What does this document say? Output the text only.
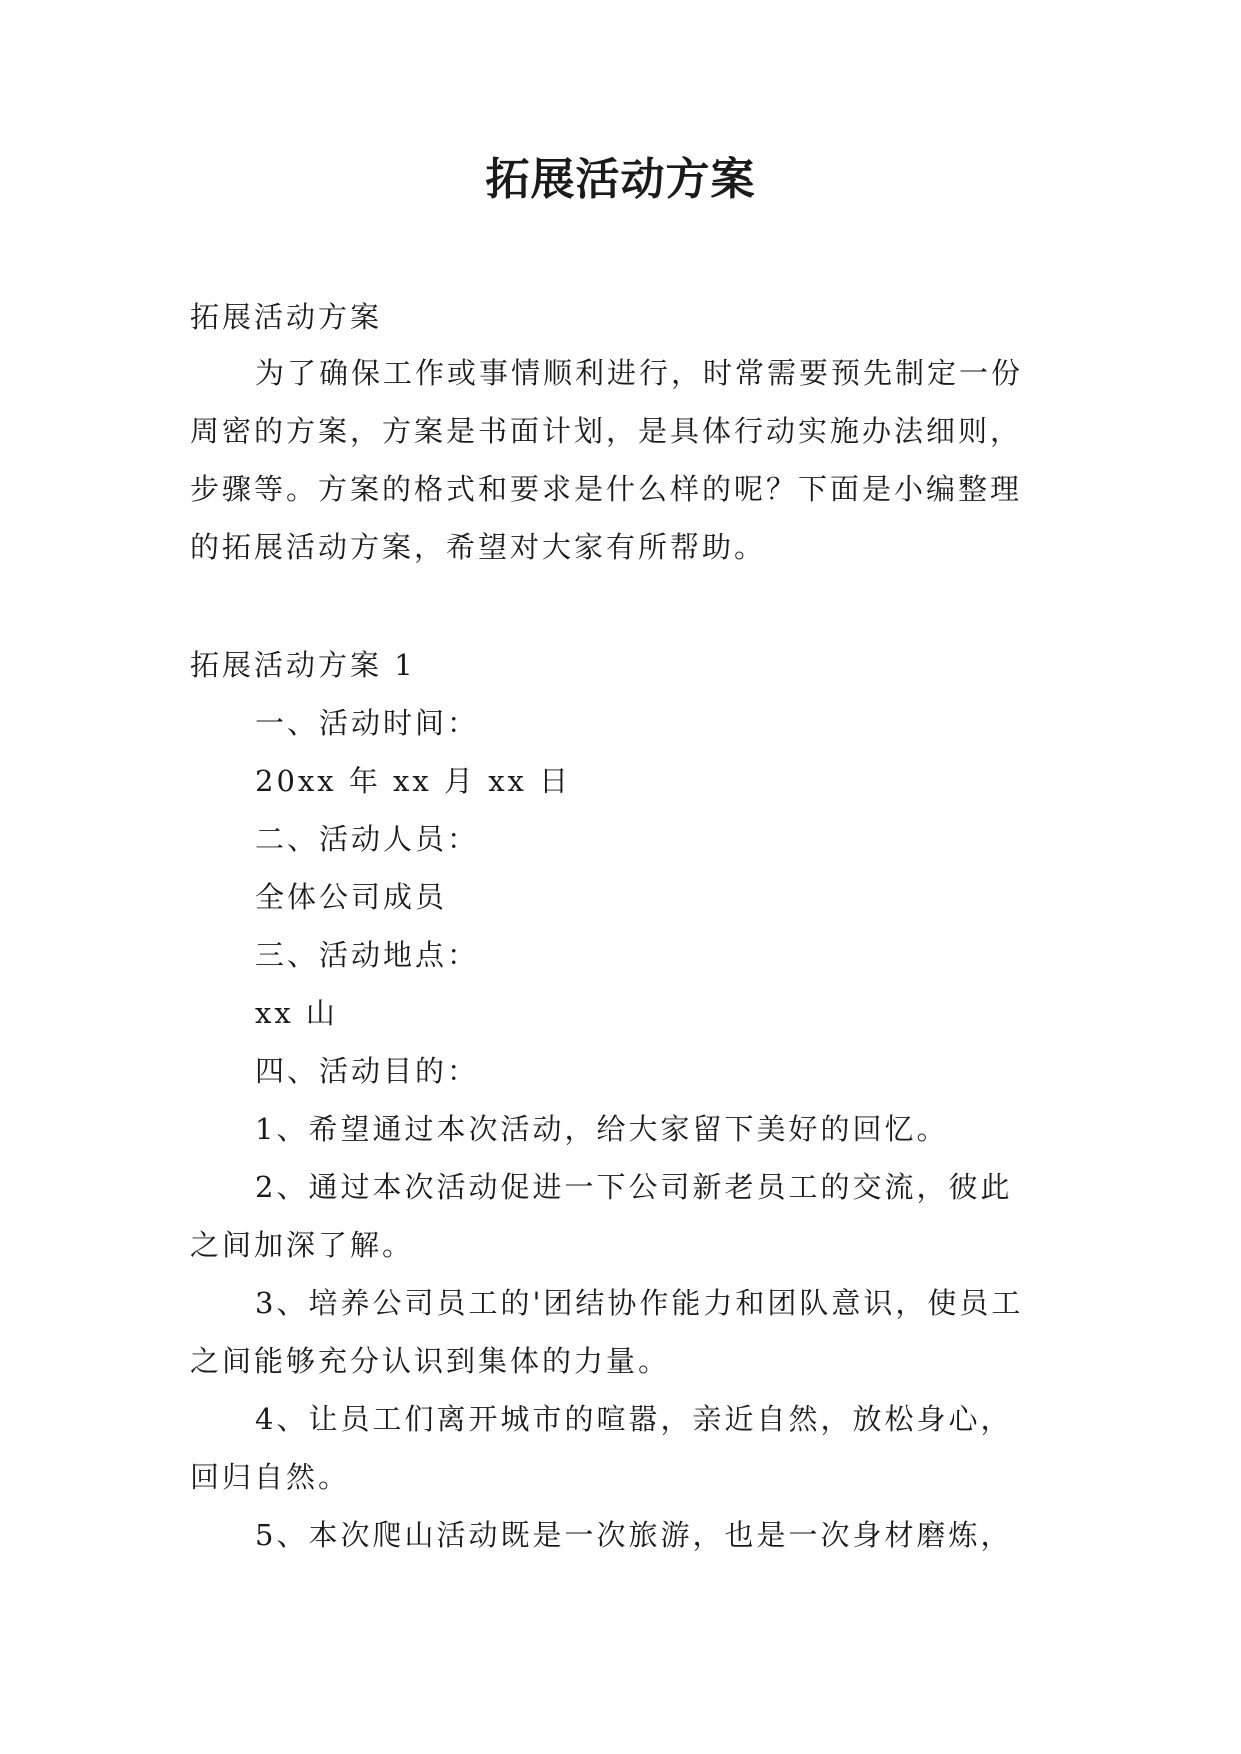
拓展活动方案

拓展活动方案

为了确保工作或事情顺利进行，时常需要预先制定一份

周密的方案，方案是书面计划，是具体行动实施办法细则，

步骤等。方案的格式和要求是什么样的呢？下面是小编整理

的拓展活动方案，希望对大家有所帮助。

拓展活动方案 1

一、活动时间：

20xx 年 xx 月 xx 日

二、活动人员：

全体公司成员

三、活动地点：

xx 山

四、活动目的：

1、希望通过本次活动，给大家留下美好的回忆。

2、通过本次活动促进一下公司新老员工的交流，彼此

之间加深了解。

3、培养公司员工的'团结协作能力和团队意识，使员工

之间能够充分认识到集体的力量。

4、让员工们离开城市的喧嚣，亲近自然，放松身心，

回归自然。

5、本次爬山活动既是一次旅游，也是一次身材磨炼，
